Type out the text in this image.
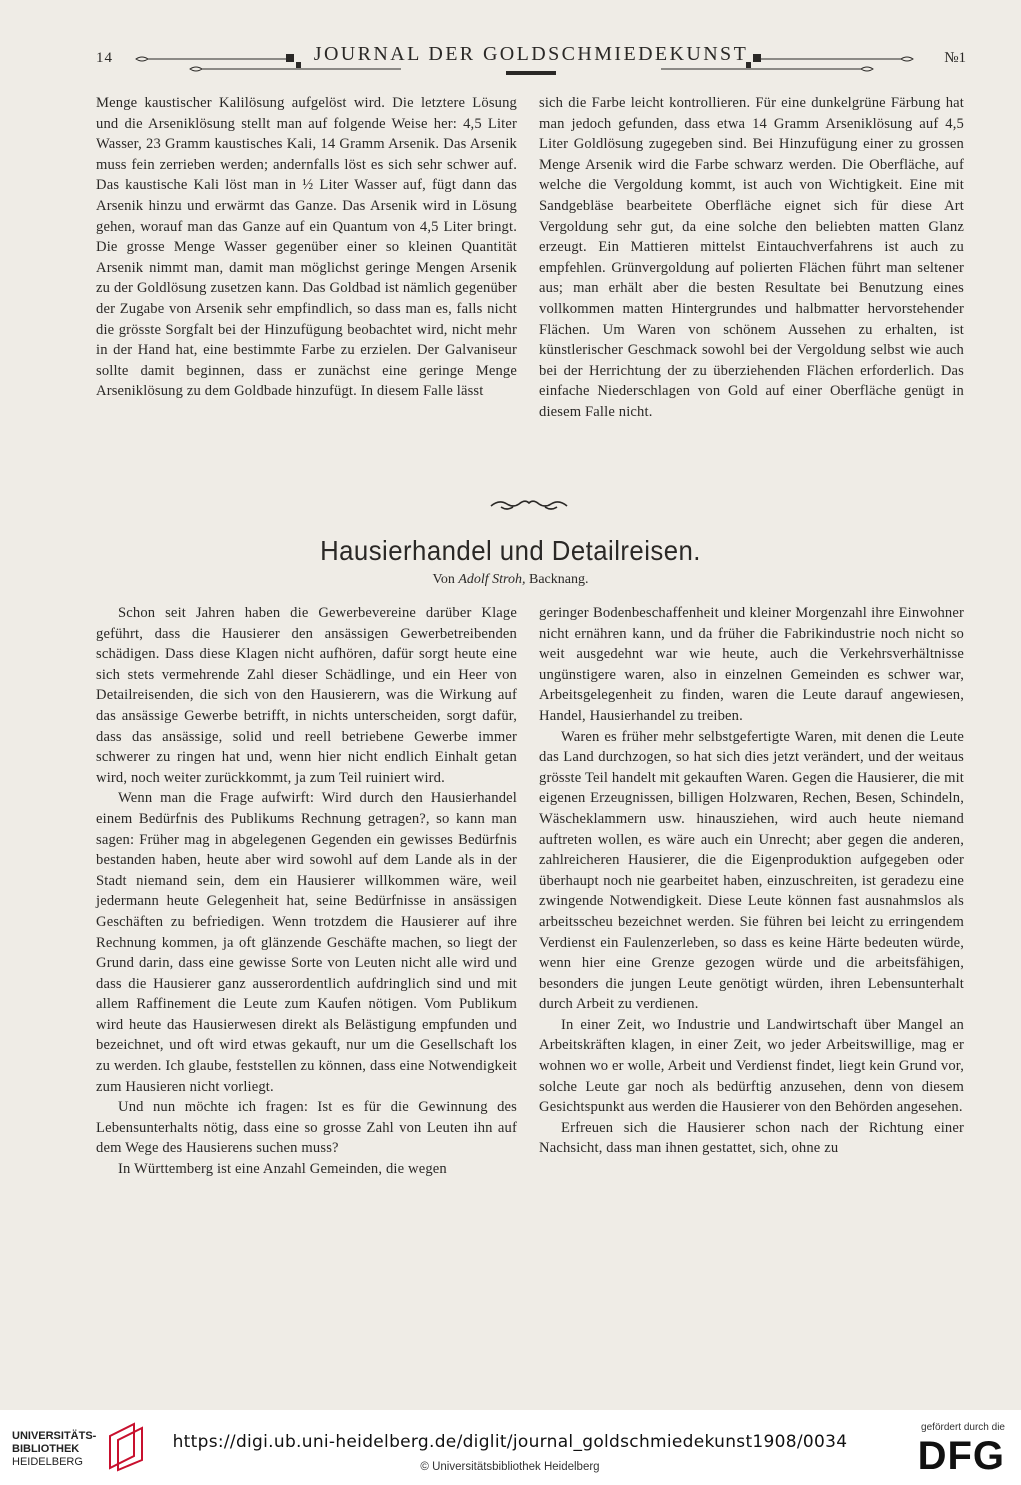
14	JOURNAL DER GOLDSCHMIEDEKUNST	№1

Menge kaustischer Kalilösung aufgelöst wird. Die letztere Lösung und die Arseniklösung stellt man auf folgende Weise her: 4,5 Liter Wasser, 23 Gramm kaustisches Kali, 14 Gramm Arsenik. Das Arsenik muss fein zerrieben werden; andernfalls löst es sich sehr schwer auf. Das kaustische Kali löst man in ½ Liter Wasser auf, fügt dann das Arsenik hinzu und erwärmt das Ganze. Das Arsenik wird in Lösung gehen, worauf man das Ganze auf ein Quantum von 4,5 Liter bringt. Die grosse Menge Wasser gegenüber einer so kleinen Quantität Arsenik nimmt man, damit man möglichst geringe Mengen Arsenik zu der Goldlösung zusetzen kann. Das Goldbad ist nämlich gegenüber der Zugabe von Arsenik sehr empfindlich, so dass man es, falls nicht die grösste Sorgfalt bei der Hinzufügung beobachtet wird, nicht mehr in der Hand hat, eine bestimmte Farbe zu erzielen. Der Galvaniseur sollte damit beginnen, dass er zunächst eine geringe Menge Arseniklösung zu dem Goldbade hinzufügt. In diesem Falle lässt

sich die Farbe leicht kontrollieren. Für eine dunkelgrüne Färbung hat man jedoch gefunden, dass etwa 14 Gramm Arseniklösung auf 4,5 Liter Goldlösung zugegeben sind. Bei Hinzufügung einer zu grossen Menge Arsenik wird die Farbe schwarz werden. Die Oberfläche, auf welche die Vergoldung kommt, ist auch von Wichtigkeit. Eine mit Sandgebläse bearbeitete Oberfläche eignet sich für diese Art Vergoldung sehr gut, da eine solche den beliebten matten Glanz erzeugt. Ein Mattieren mittelst Eintauchverfahrens ist auch zu empfehlen. Grünvergoldung auf polierten Flächen führt man seltener aus; man erhält aber die besten Resultate bei Benutzung eines vollkommen matten Hintergrundes und halbmatter hervorstehender Flächen. Um Waren von schönem Aussehen zu erhalten, ist künstlerischer Geschmack sowohl bei der Vergoldung selbst wie auch bei der Herrichtung der zu überziehenden Flächen erforderlich. Das einfache Niederschlagen von Gold auf einer Oberfläche genügt in diesem Falle nicht.

Hausierhandel und Detailreisen.
Von Adolf Stroh, Backnang.

Schon seit Jahren haben die Gewerbevereine darüber Klage geführt, dass die Hausierer den ansässigen Gewerbetreibenden schädigen. Dass diese Klagen nicht aufhören, dafür sorgt heute eine sich stets vermehrende Zahl dieser Schädlinge, und ein Heer von Detailreisenden, die sich von den Hausierern, was die Wirkung auf das ansässige Gewerbe betrifft, in nichts unterscheiden, sorgt dafür, dass das ansässige, solid und reell betriebene Gewerbe immer schwerer zu ringen hat und, wenn hier nicht endlich Einhalt getan wird, noch weiter zurückkommt, ja zum Teil ruiniert wird.

Wenn man die Frage aufwirft: Wird durch den Hausierhandel einem Bedürfnis des Publikums Rechnung getragen?, so kann man sagen: Früher mag in abgelegenen Gegenden ein gewisses Bedürfnis bestanden haben, heute aber wird sowohl auf dem Lande als in der Stadt niemand sein, dem ein Hausierer willkommen wäre, weil jedermann heute Gelegenheit hat, seine Bedürfnisse in ansässigen Geschäften zu befriedigen. Wenn trotzdem die Hausierer auf ihre Rechnung kommen, ja oft glänzende Geschäfte machen, so liegt der Grund darin, dass eine gewisse Sorte von Leuten nicht alle wird und dass die Hausierer ganz ausserordentlich aufdringlich sind und mit allem Raffinement die Leute zum Kaufen nötigen. Vom Publikum wird heute das Hausierwesen direkt als Belästigung empfunden und bezeichnet, und oft wird etwas gekauft, nur um die Gesellschaft los zu werden. Ich glaube, feststellen zu können, dass eine Notwendigkeit zum Hausieren nicht vorliegt.

Und nun möchte ich fragen: Ist es für die Gewinnung des Lebensunterhalts nötig, dass eine so grosse Zahl von Leuten ihn auf dem Wege des Hausierens suchen muss?

In Württemberg ist eine Anzahl Gemeinden, die wegen

geringer Bodenbeschaffenheit und kleiner Morgenzahl ihre Einwohner nicht ernähren kann, und da früher die Fabrikindustrie noch nicht so weit ausgedehnt war wie heute, auch die Verkehrsverhältnisse ungünstigere waren, also in einzelnen Gemeinden es schwer war, Arbeitsgelegenheit zu finden, waren die Leute darauf angewiesen, Handel, Hausierhandel zu treiben.

Waren es früher mehr selbstgefertigte Waren, mit denen die Leute das Land durchzogen, so hat sich dies jetzt verändert, und der weitaus grösste Teil handelt mit gekauften Waren. Gegen die Hausierer, die mit eigenen Erzeugnissen, billigen Holzwaren, Rechen, Besen, Schindeln, Wäscheklammern usw. hinausziehen, wird auch heute niemand auftreten wollen, es wäre auch ein Unrecht; aber gegen die anderen, zahlreicheren Hausierer, die die Eigenproduktion aufgegeben oder überhaupt noch nie gearbeitet haben, einzuschreiten, ist geradezu eine zwingende Notwendigkeit. Diese Leute können fast ausnahmslos als arbeitsscheu bezeichnet werden. Sie führen bei leicht zu erringendem Verdienst ein Faulenzerleben, so dass es keine Härte bedeuten würde, wenn hier eine Grenze gezogen würde und die arbeitsfähigen, besonders die jungen Leute genötigt würden, ihren Lebensunterhalt durch Arbeit zu verdienen.

In einer Zeit, wo Industrie und Landwirtschaft über Mangel an Arbeitskräften klagen, in einer Zeit, wo jeder Arbeitswillige, mag er wohnen wo er wolle, Arbeit und Verdienst findet, liegt kein Grund vor, solche Leute gar noch als bedürftig anzusehen, denn von diesem Gesichtspunkt aus werden die Hausierer von den Behörden angesehen.

Erfreuen sich die Hausierer schon nach der Richtung einer Nachsicht, dass man ihnen gestattet, sich, ohne zu

UNIVERSITÄTS-
BIBLIOTHEK
HEIDELBERG
https://digi.ub.uni-heidelberg.de/diglit/journal_goldschmiedekunst1908/0034
© Universitätsbibliothek Heidelberg
gefördert durch die
DFG
